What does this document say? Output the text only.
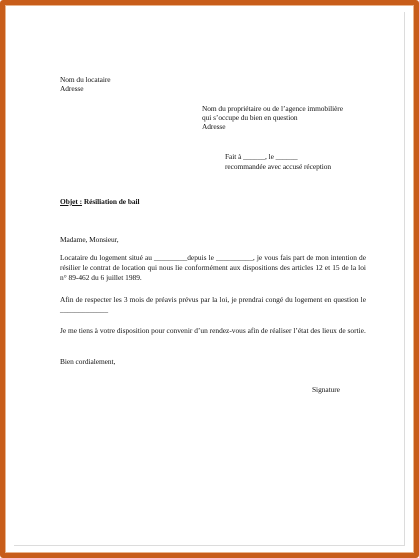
Nom du locataire
Adresse
Nom du propriétaire ou de l’agence immobilière
qui s’occupe du bien en question
Adresse
Fait à ______, le ______
recommandée avec accusé réception
Objet : Résiliation de bail
Madame, Monsieur,
Locataire du logement situé au _________depuis le __________, je vous fais part de mon intention de résilier le contrat de location qui nous lie conformément aux dispositions des articles 12 et 15 de la loi n° 89-462 du 6 juillet 1989.
Afin de respecter les 3 mois de préavis prévus par la loi, je prendrai congé du logement en question le _____________
Je me tiens à votre disposition pour convenir d’un rendez-vous afin de réaliser l’état des lieux de sortie.
Bien cordialement,
Signature
